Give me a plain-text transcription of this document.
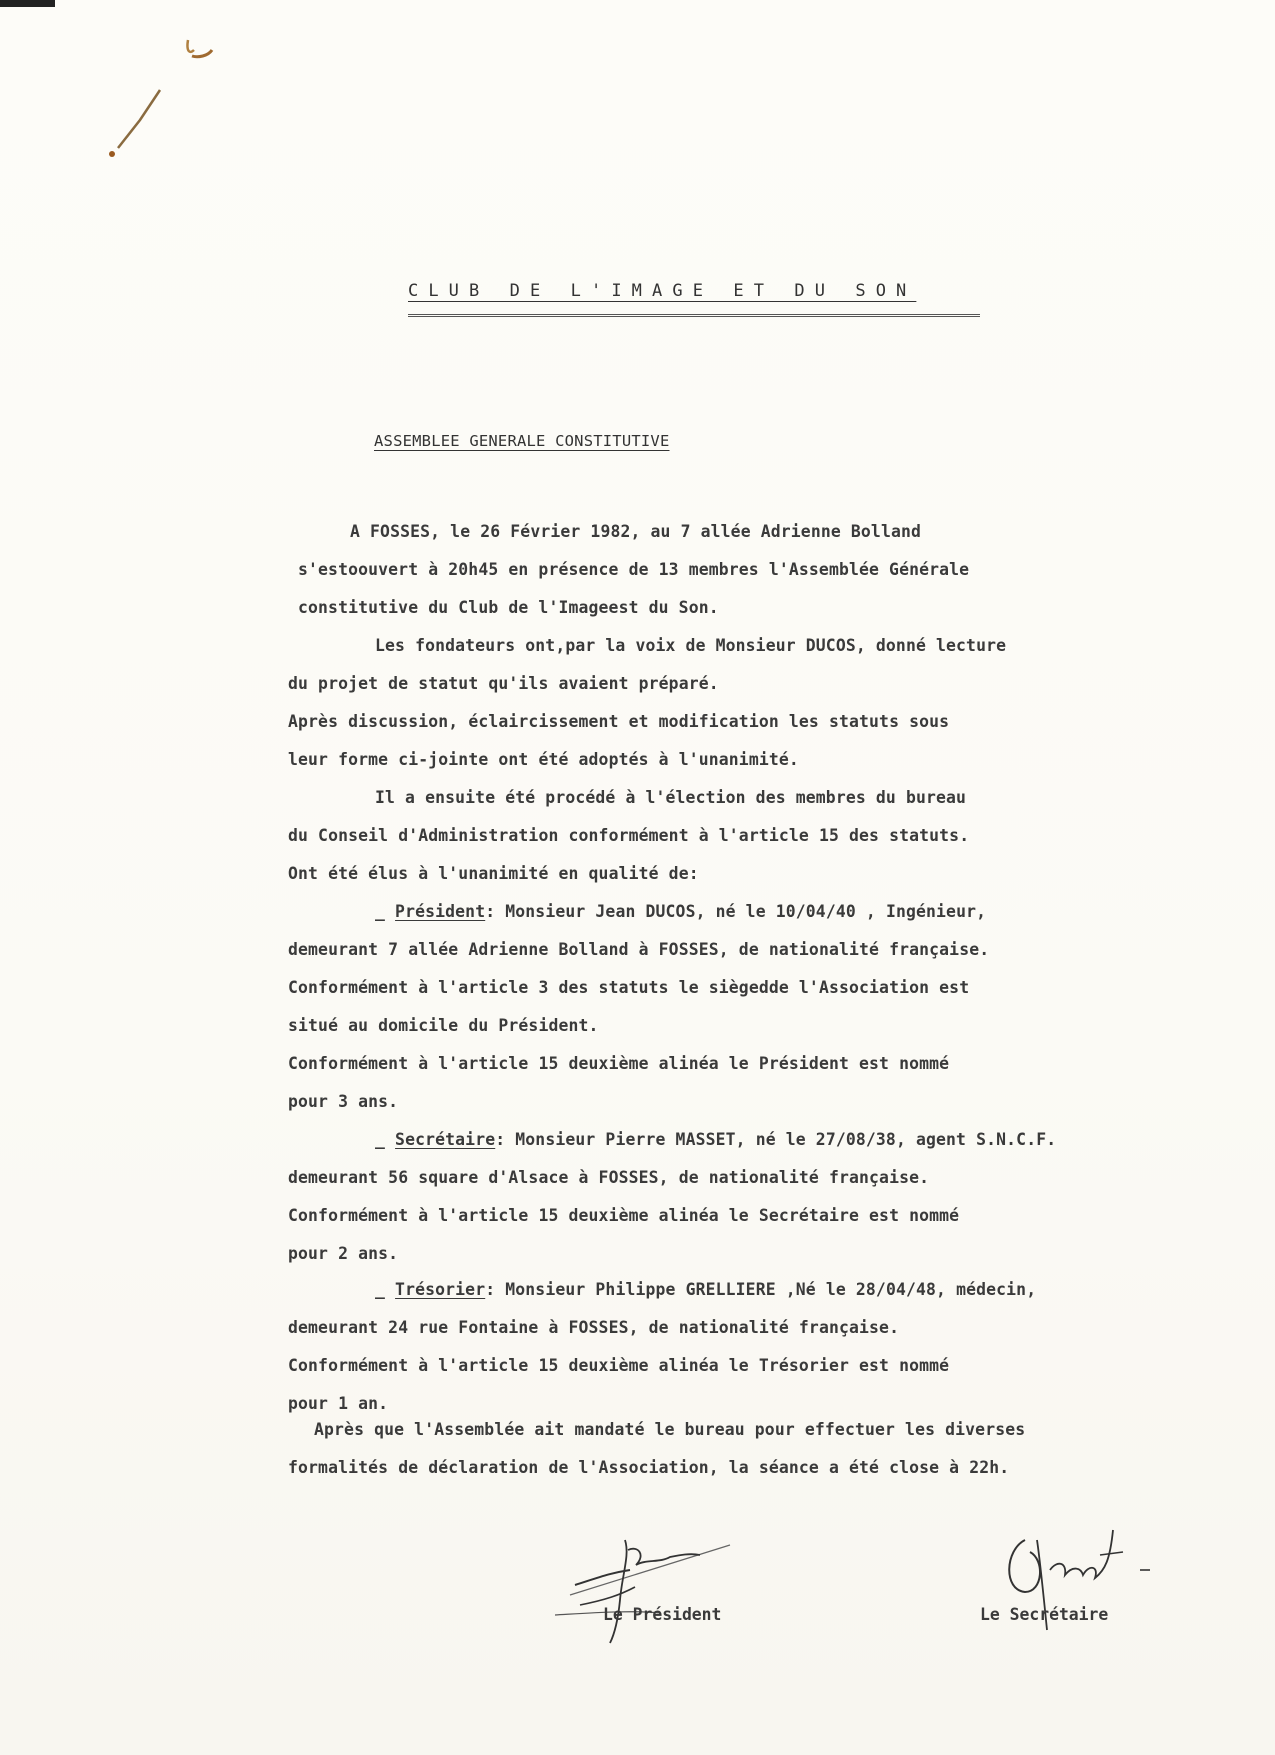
CLUB DE L'IMAGE ET DU SON
ASSEMBLEE GENERALE CONSTITUTIVE
A FOSSES, le 26 Février 1982, au 7 allée Adrienne Bolland
s'estoouvert à 20h45 en présence de 13 membres l'Assemblée Générale
constitutive du Club de l'Imageest du Son.
Les fondateurs ont,par la voix de Monsieur DUCOS, donné lecture
du projet de statut qu'ils avaient préparé.
Après discussion, éclaircissement et modification les statuts sous
leur forme ci-jointe ont été adoptés à l'unanimité.
Il a ensuite été procédé à l'élection des membres du bureau
du Conseil d'Administration conformément à l'article 15 des statuts.
Ont été élus à l'unanimité en qualité de:
_ Président: Monsieur Jean DUCOS, né le 10/04/40 , Ingénieur,
demeurant 7 allée Adrienne Bolland à FOSSES, de nationalité française.
Conformément à l'article 3 des statuts le siègedde l'Association est
situé au domicile du Président.
Conformément à l'article 15 deuxième alinéa le Président est nommé
pour 3 ans.
_ Secrétaire: Monsieur Pierre MASSET, né le 27/08/38, agent S.N.C.F.
demeurant 56 square d'Alsace à FOSSES, de nationalité française.
Conformément à l'article 15 deuxième alinéa le Secrétaire est nommé
pour 2 ans.
_ Trésorier: Monsieur Philippe GRELLIERE ,Né le 28/04/48, médecin,
demeurant 24 rue Fontaine à FOSSES, de nationalité française.
Conformément à l'article 15 deuxième alinéa le Trésorier est nommé
pour 1 an.
Après que l'Assemblée ait mandaté le bureau pour effectuer les diverses
formalités de déclaration de l'Association, la séance a été close à 22h.
Le Président	Le Secrétaire
